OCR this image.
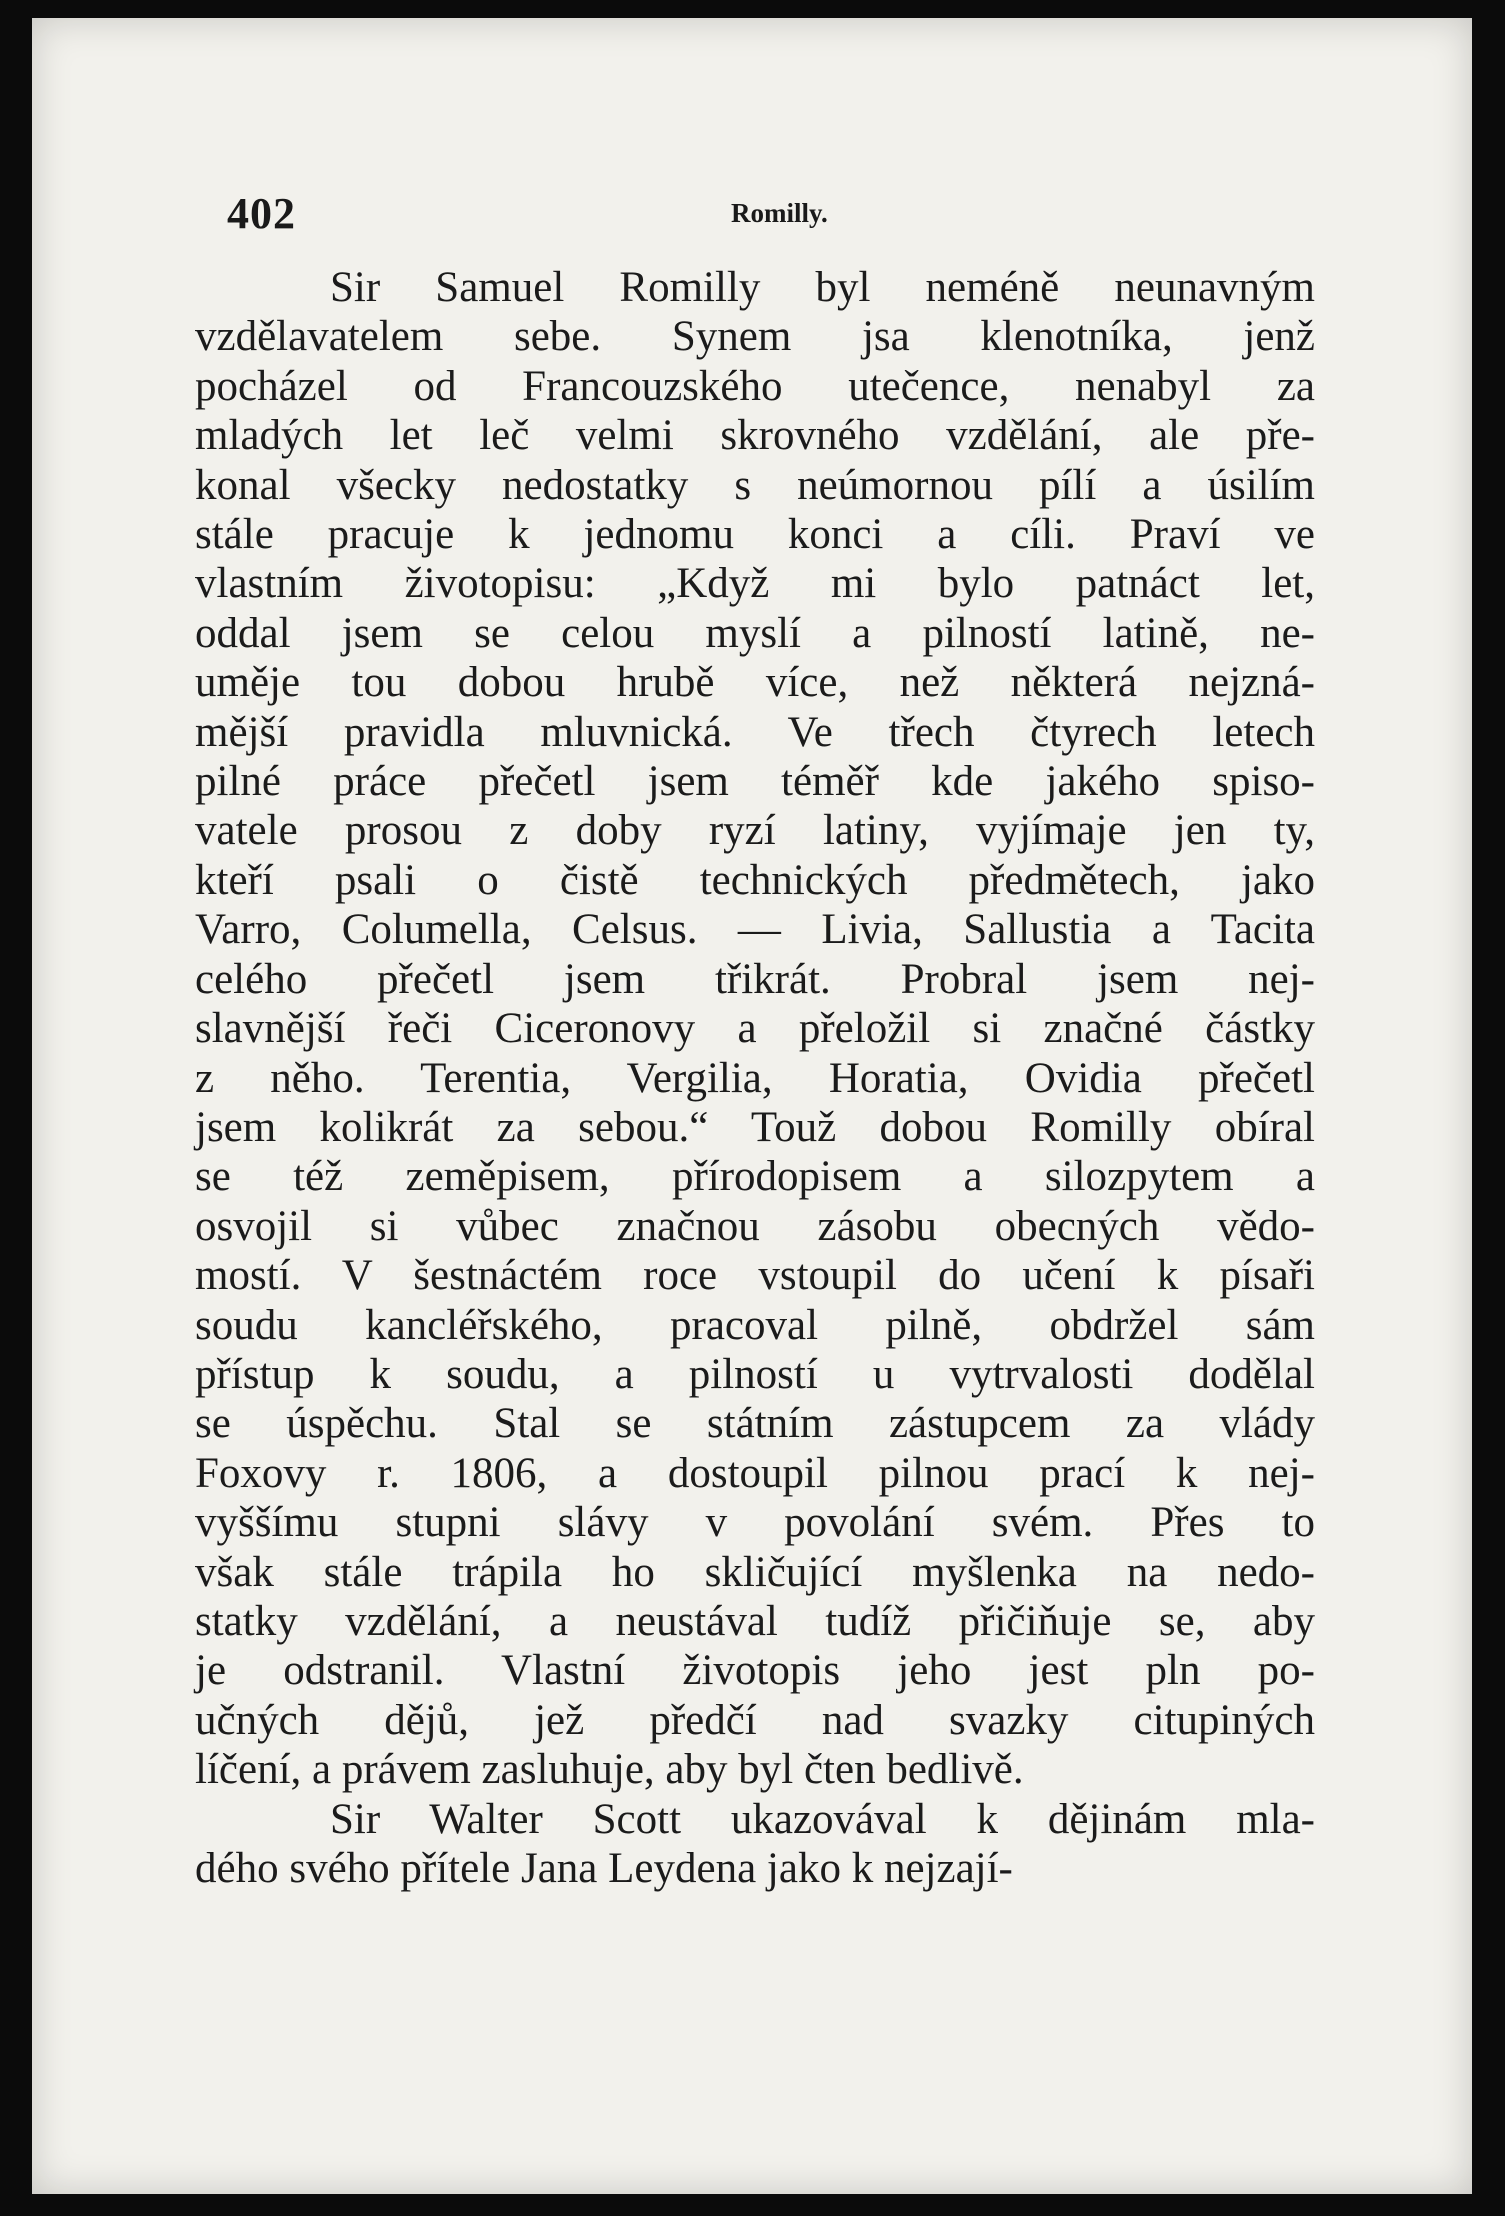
402	Romilly.
Sir Samuel Romilly byl neméně neunavným
vzdělavatelem sebe. Synem jsa klenotníka, jenž
pocházel od Francouzského utečence, nenabyl za
mladých let leč velmi skrovného vzdělání, ale pře-
konal všecky nedostatky s neúmornou pílí a úsilím
stále pracuje k jednomu konci a cíli. Praví ve
vlastním životopisu: „Když mi bylo patnáct let,
oddal jsem se celou myslí a pilností latině, ne-
uměje tou dobou hrubě více, než některá nejzná-
mější pravidla mluvnická. Ve třech čtyrech letech
pilné práce přečetl jsem téměř kde jakého spiso-
vatele prosou z doby ryzí latiny, vyjímaje jen ty,
kteří psali o čistě technických předmětech, jako
Varro, Columella, Celsus. — Livia, Sallustia a Tacita
celého přečetl jsem třikrát. Probral jsem nej-
slavnější řeči Ciceronovy a přeložil si značné částky
z něho. Terentia, Vergilia, Horatia, Ovidia přečetl
jsem kolikrát za sebou.“ Touž dobou Romilly obíral
se též zeměpisem, přírodopisem a silozpytem a
osvojil si vůbec značnou zásobu obecných vědo-
mostí. V šestnáctém roce vstoupil do učení k písaři
soudu kancléřského, pracoval pilně, obdržel sám
přístup k soudu, a pilností u vytrvalosti dodělal
se úspěchu. Stal se státním zástupcem za vlády
Foxovy r. 1806, a dostoupil pilnou prací k nej-
vyššímu stupni slávy v povolání svém. Přes to
však stále trápila ho skličující myšlenka na nedo-
statky vzdělání, a neustával tudíž přičiňuje se, aby
je odstranil. Vlastní životopis jeho jest pln po-
učných dějů, jež předčí nad svazky citupiných
líčení, a právem zasluhuje, aby byl čten bedlivě.
Sir Walter Scott ukazovával k dějinám mla-
dého svého přítele Jana Leydena jako k nejzají-
